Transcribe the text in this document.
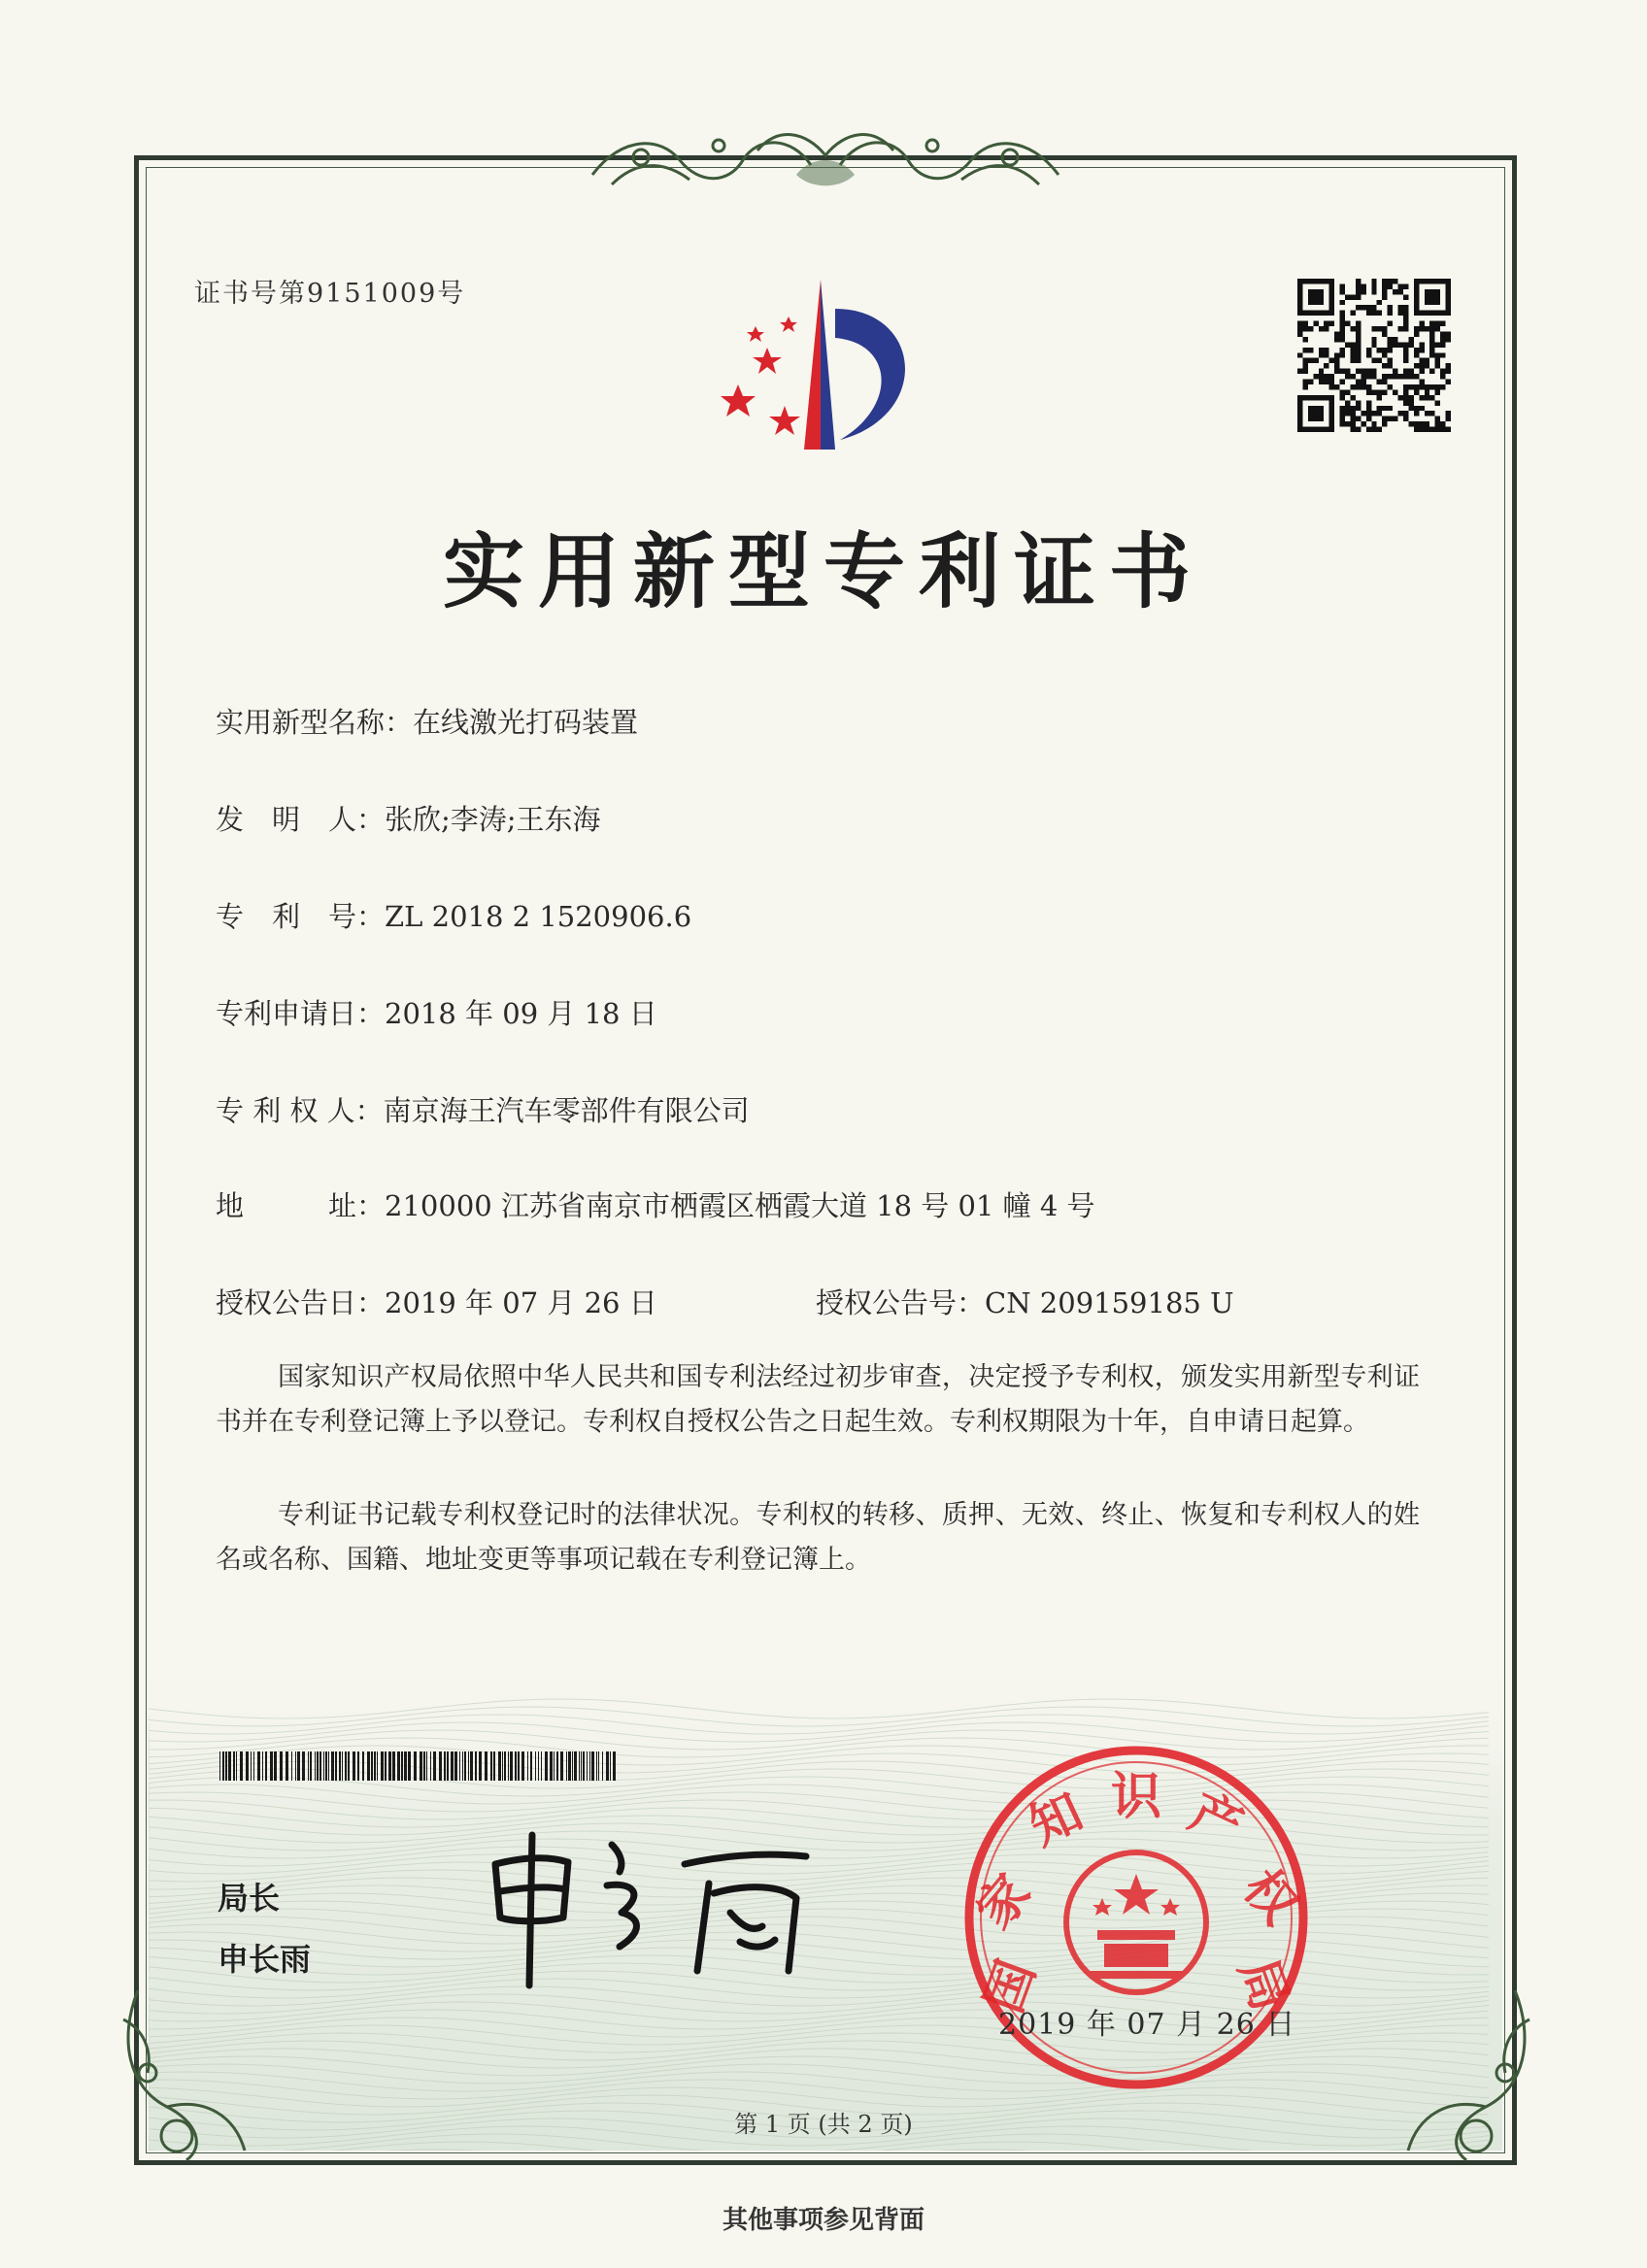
证书号第9151009号
实用新型专利证书
实用新型名称：在线激光打码装置
发　明　人：张欣;李涛;王东海
专　利　号：ZL 2018 2 1520906.6
专利申请日：2018 年 09 月 18 日
专 利 权 人：南京海王汽车零部件有限公司
地　　　址：210000 江苏省南京市栖霞区栖霞大道 18 号 01 幢 4 号
授权公告日：2019 年 07 月 26 日	授权公告号：CN 209159185 U
国家知识产权局依照中华人民共和国专利法经过初步审查，决定授予专利权，颁发实用新型专利证书并在专利登记簿上予以登记。专利权自授权公告之日起生效。专利权期限为十年，自申请日起算。
专利证书记载专利权登记时的法律状况。专利权的转移、质押、无效、终止、恢复和专利权人的姓名或名称、国籍、地址变更等事项记载在专利登记簿上。
局长
申长雨	国
家
知 识 产
权
局
2019 年 07 月 26 日
第 1 页 (共 2 页)
其他事项参见背面
